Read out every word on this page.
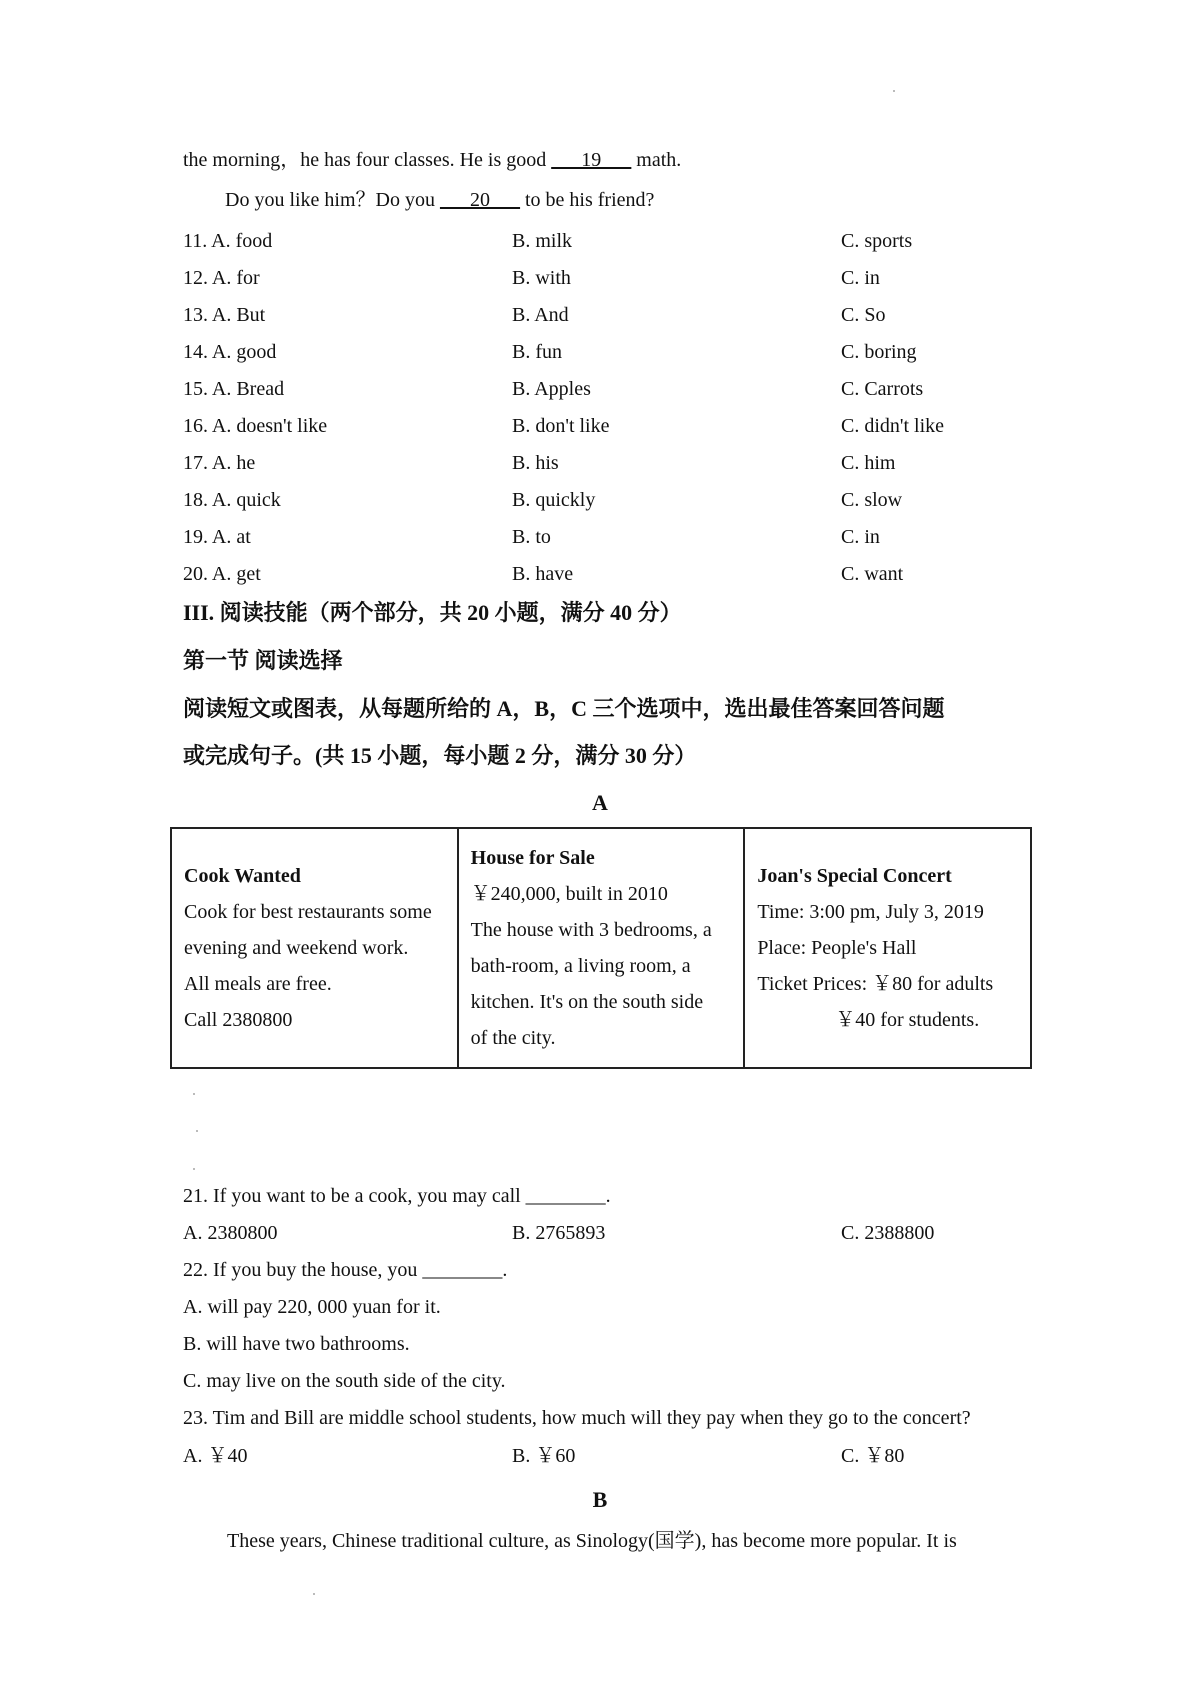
the morning，he has four classes. He is good ___19___ math.
Do you like him？Do you ___20___ to be his friend?
11. A. food	B. milk	C. sports
12. A. for	B. with	C. in
13. A. But	B. And	C. So
14. A. good	B. fun	C. boring
15. A. Bread	B. Apples	C. Carrots
16. A. doesn't like	B. don't like	C. didn't like
17. A. he	B. his	C. him
18. A. quick	B. quickly	C. slow
19. A. at	B. to	C. in
20. A. get	B. have	C. want
III. 阅读技能（两个部分，共 20 小题，满分 40 分）
第一节 阅读选择
阅读短文或图表，从每题所给的 A，B，C 三个选项中，选出最佳答案回答问题
或完成句子。(共 15 小题，每小题 2 分，满分 30 分）
A
Cook Wanted
Cook for best restaurants some
evening and weekend work.
All meals are free.
Call 2380800

House for Sale
￥240,000, built in 2010
The house with 3 bedrooms, a
bath-room, a living room, a
kitchen. It's on the south side
of the city.

Joan's Special Concert
Time: 3:00 pm, July 3, 2019
Place: People's Hall
Ticket Prices: ￥80 for adults
￥40 for students.
21. If you want to be a cook, you may call ________.
A. 2380800	B. 2765893	C. 2388800
22. If you buy the house, you ________.
A. will pay 220, 000 yuan for it.
B. will have two bathrooms.
C. may live on the south side of the city.
23. Tim and Bill are middle school students, how much will they pay when they go to the concert?
A. ￥40	B. ￥60	C. ￥80
B
These years, Chinese traditional culture, as Sinology(国学), has become more popular. It is
